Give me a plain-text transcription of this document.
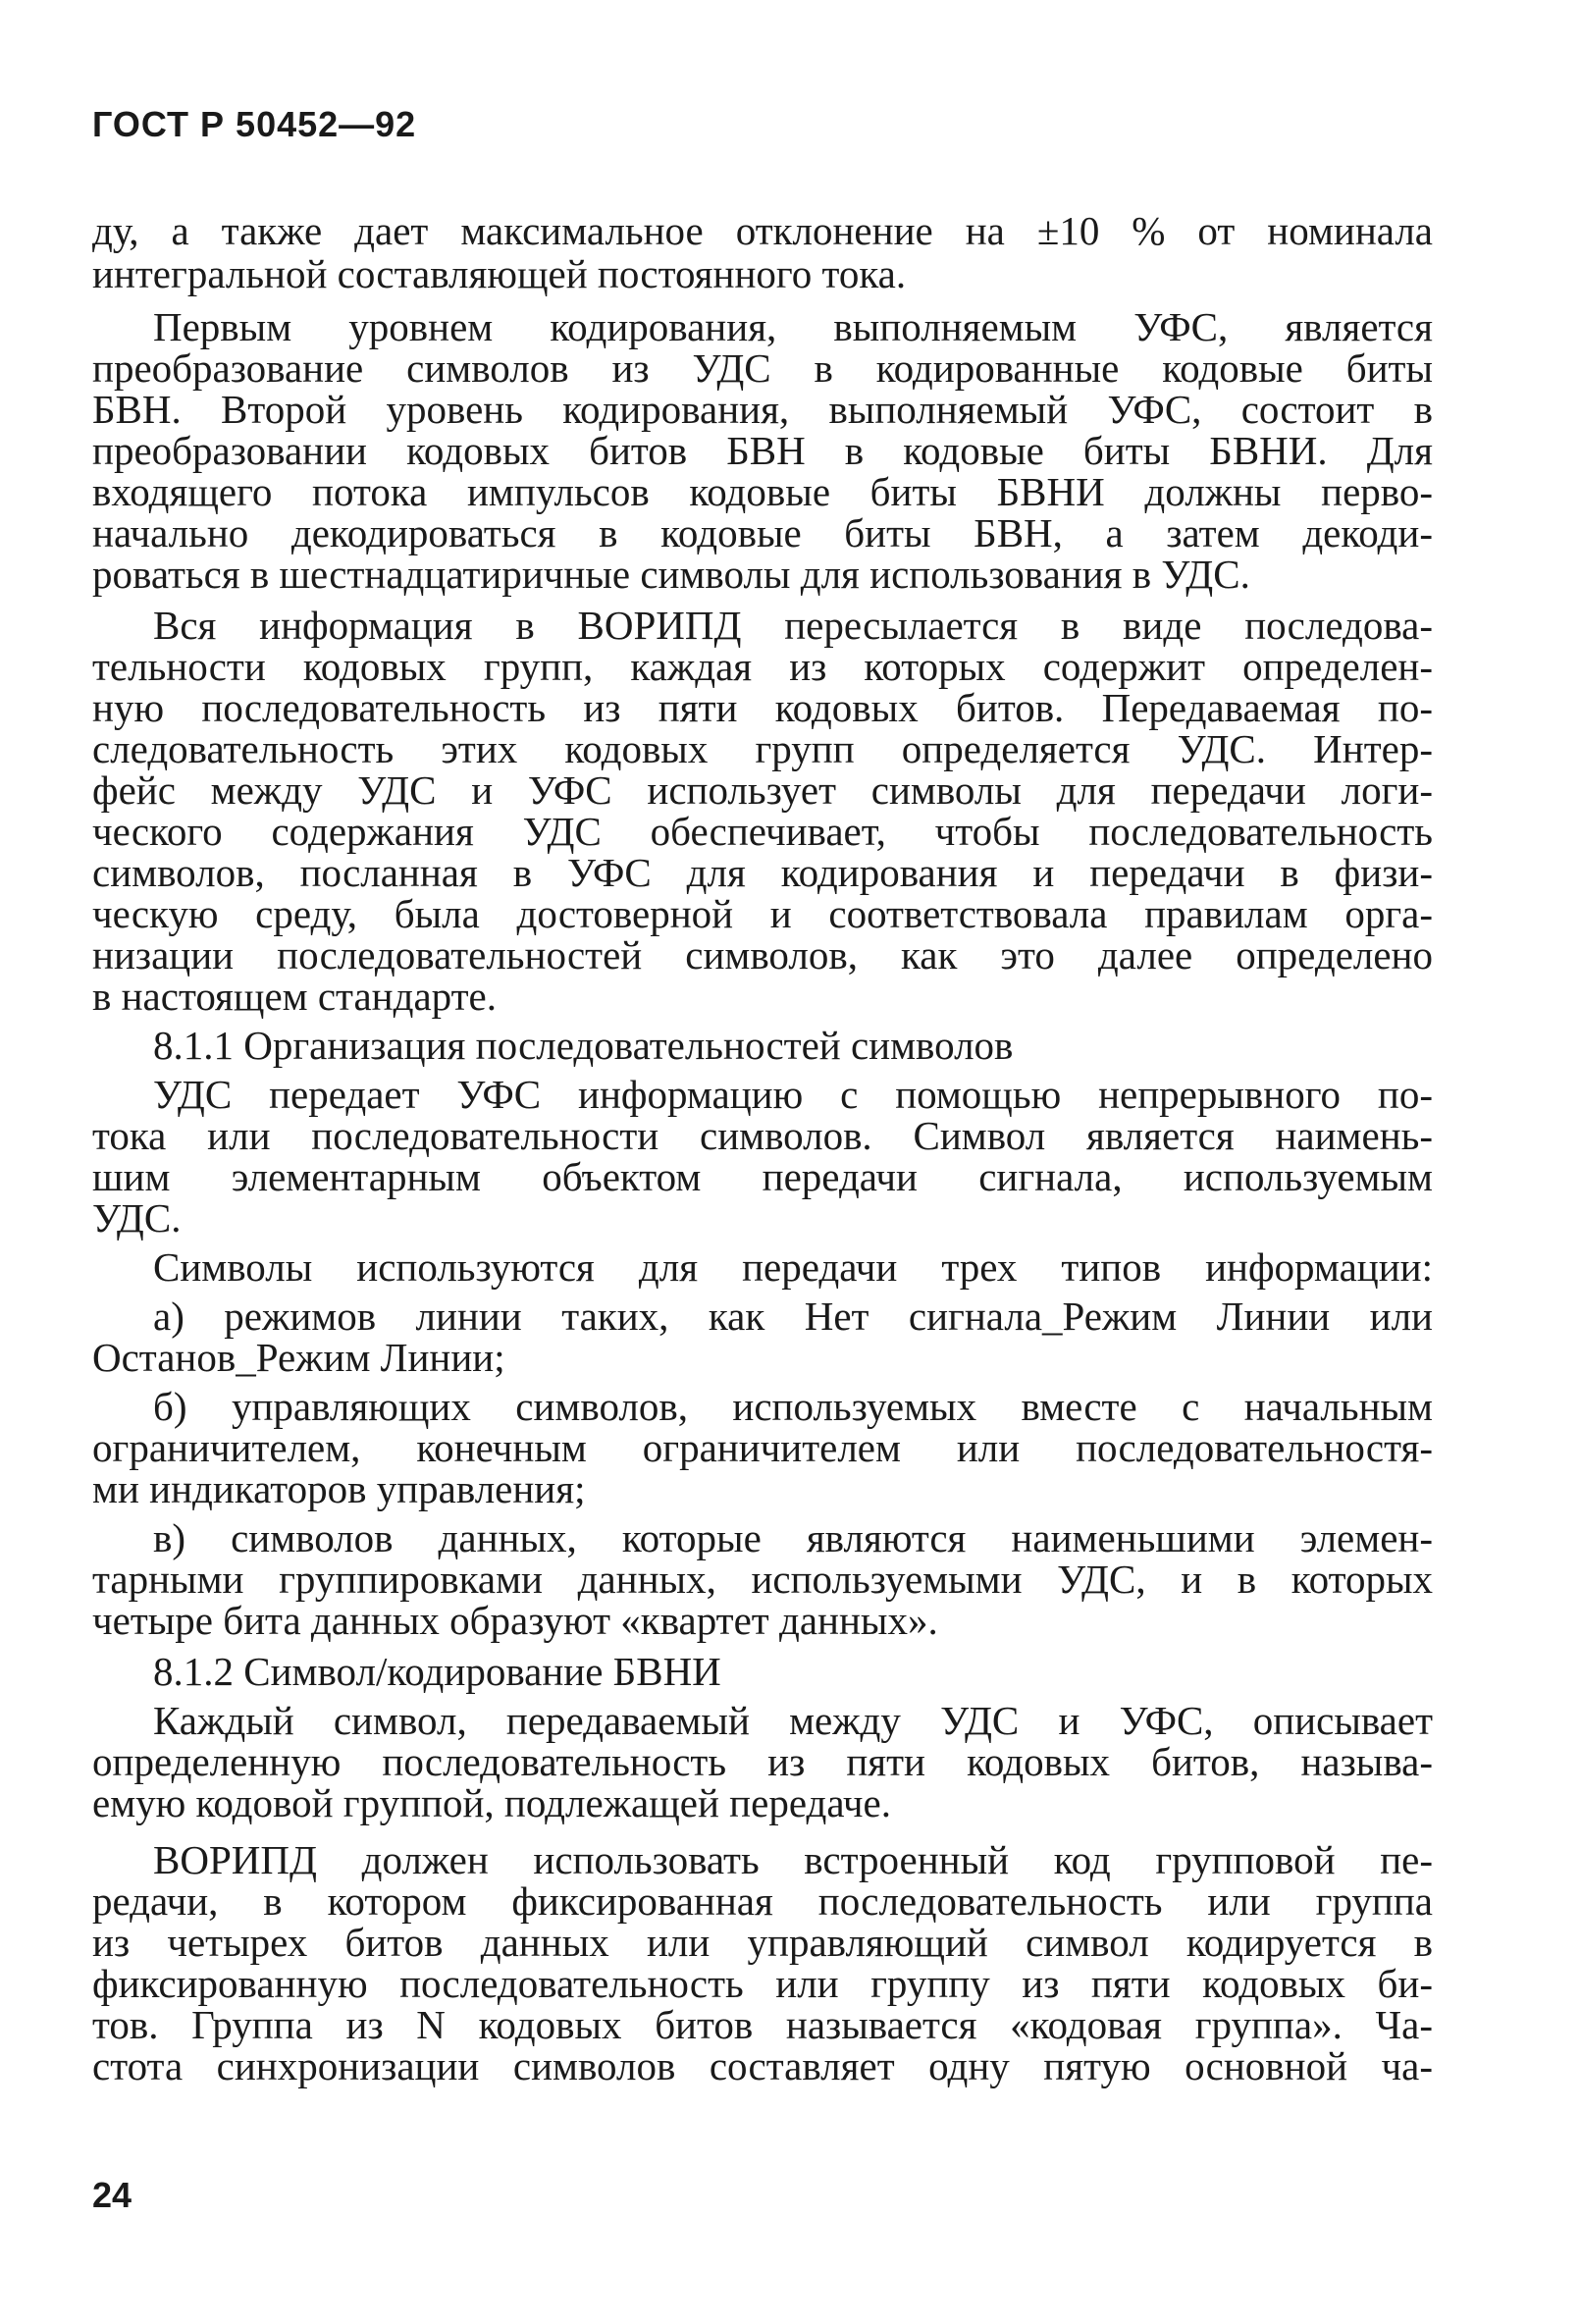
ГОСТ Р 50452—92
ду, а также дает максимальное отклонение на ±10 % от номинала
интегральной составляющей постоянного тока.
Первым уровнем кодирования, выполняемым УФС, является
преобразование символов из УДС в кодированные кодовые биты
БВН. Второй уровень кодирования, выполняемый УФС, состоит в
преобразовании кодовых битов БВН в кодовые биты БВНИ. Для
входящего потока импульсов кодовые биты БВНИ должны перво-
начально декодироваться в кодовые биты БВН, а затем декоди-
роваться в шестнадцатиричные символы для использования в УДС.
Вся информация в ВОРИПД пересылается в виде последова-
тельности кодовых групп, каждая из которых содержит определен-
ную последовательность из пяти кодовых битов. Передаваемая по-
следовательность этих кодовых групп определяется УДС. Интер-
фейс между УДС и УФС использует символы для передачи логи-
ческого содержания УДС обеспечивает, чтобы последовательность
символов, посланная в УФС для кодирования и передачи в физи-
ческую среду, была достоверной и соответствовала правилам орга-
низации последовательностей символов, как это далее определено
в настоящем стандарте.
8.1.1 Организация последовательностей символов
УДС передает УФС информацию с помощью непрерывного по-
тока или последовательности символов. Символ является наимень-
шим элементарным объектом передачи сигнала, используемым
УДС.
Символы используются для передачи трех типов информации:
а) режимов линии таких, как Нет сигнала_Режим Линии или
Останов_Режим Линии;
б) управляющих символов, используемых вместе с начальным
ограничителем, конечным ограничителем или последовательностя-
ми индикаторов управления;
в) символов данных, которые являются наименьшими элемен-
тарными группировками данных, используемыми УДС, и в которых
четыре бита данных образуют «квартет данных».
8.1.2 Символ/кодирование БВНИ
Каждый символ, передаваемый между УДС и УФС, описывает
определенную последовательность из пяти кодовых битов, называ-
емую кодовой группой, подлежащей передаче.
ВОРИПД должен использовать встроенный код групповой пе-
редачи, в котором фиксированная последовательность или группа
из четырех битов данных или управляющий символ кодируется в
фиксированную последовательность или группу из пяти кодовых би-
тов. Группа из N кодовых битов называется «кодовая группа». Ча-
стота синхронизации символов составляет одну пятую основной ча-
24
